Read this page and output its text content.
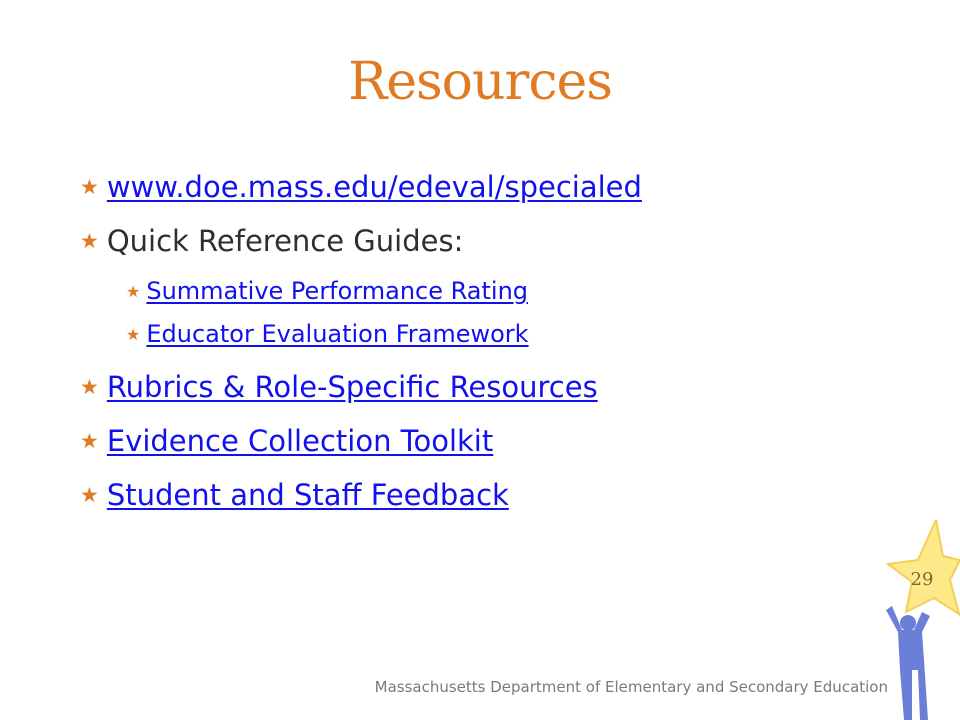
Resources
★ www.doe.mass.edu/edeval/specialed
★ Quick Reference Guides:
★ Summative Performance Rating
★ Educator Evaluation Framework
★ Rubrics & Role-Specific Resources
★ Evidence Collection Toolkit
★ Student and Staff Feedback
29
Massachusetts Department of Elementary and Secondary Education
